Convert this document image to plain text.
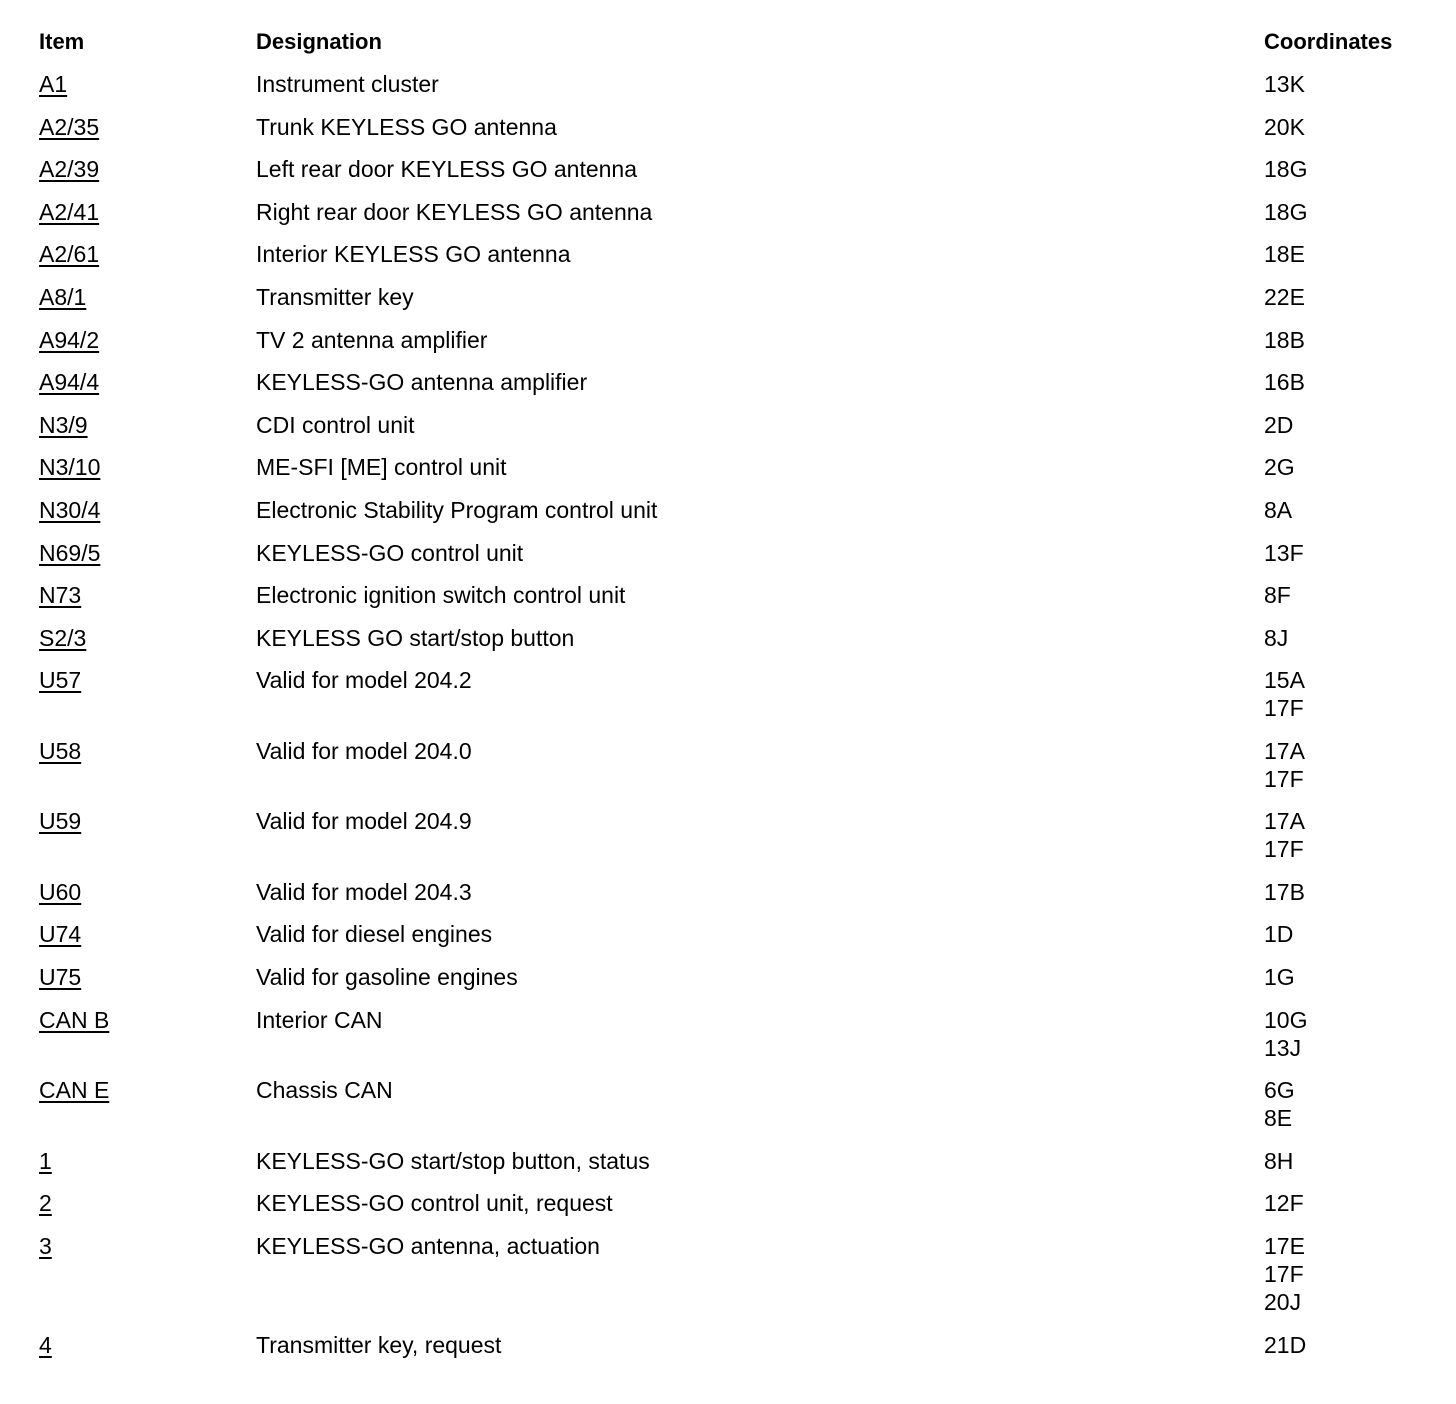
Item	Designation	Coordinates
A1	Instrument cluster	13K
A2/35	Trunk KEYLESS GO antenna	20K
A2/39	Left rear door KEYLESS GO antenna	18G
A2/41	Right rear door KEYLESS GO antenna	18G
A2/61	Interior KEYLESS GO antenna	18E
A8/1	Transmitter key	22E
A94/2	TV 2 antenna amplifier	18B
A94/4	KEYLESS-GO antenna amplifier	16B
N3/9	CDI control unit	2D
N3/10	ME-SFI [ME] control unit	2G
N30/4	Electronic Stability Program control unit	8A
N69/5	KEYLESS-GO control unit	13F
N73	Electronic ignition switch control unit	8F
S2/3	KEYLESS GO start/stop button	8J
U57	Valid for model 204.2	15A
17F
U58	Valid for model 204.0	17A
17F
U59	Valid for model 204.9	17A
17F
U60	Valid for model 204.3	17B
U74	Valid for diesel engines	1D
U75	Valid for gasoline engines	1G
CAN B	Interior CAN	10G
13J
CAN E	Chassis CAN	6G
8E
1	KEYLESS-GO start/stop button, status	8H
2	KEYLESS-GO control unit, request	12F
3	KEYLESS-GO antenna, actuation	17E
17F
20J
4	Transmitter key, request	21D
